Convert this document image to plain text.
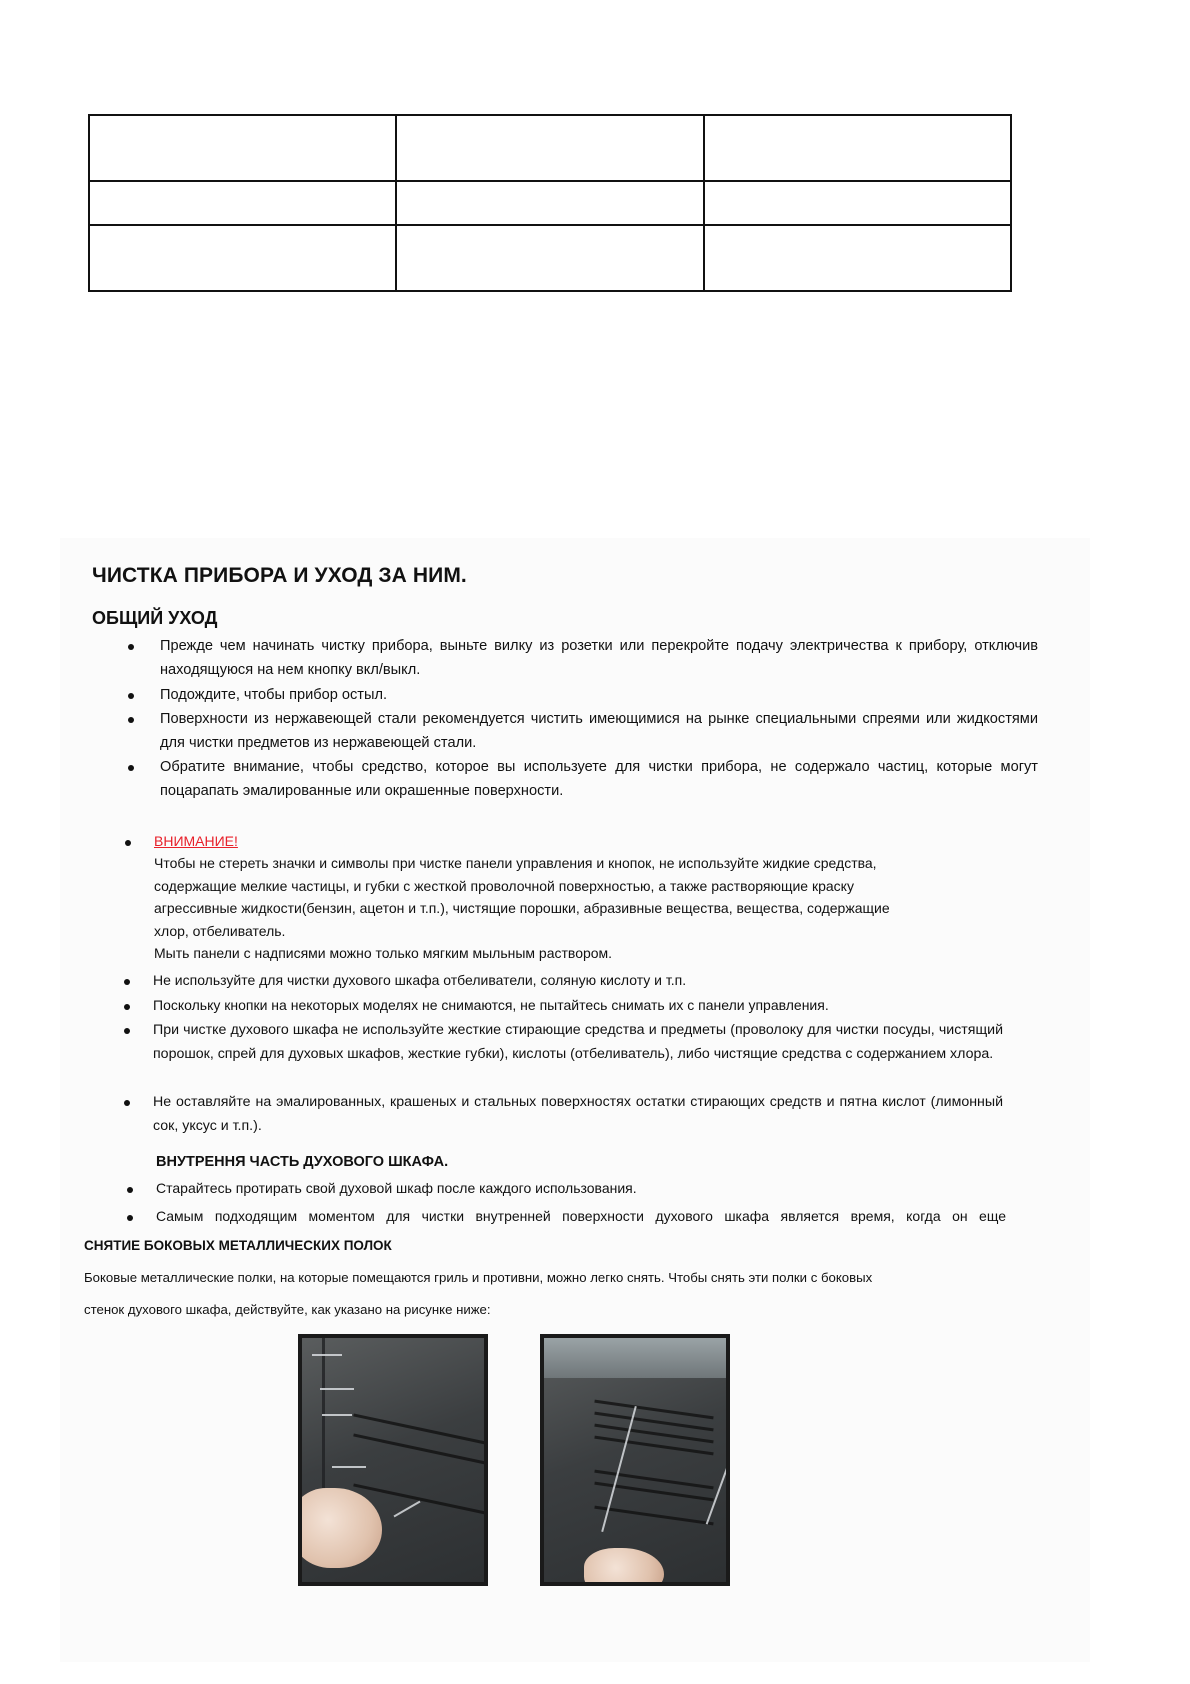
ЧИСТКА ПРИБОРА И УХОД ЗА НИМ.
ОБЩИЙ УХОД
Прежде чем начинать чистку прибора, выньте вилку из розетки или перекройте подачу электричества к прибору, отключив находящуюся на нем кнопку вкл/выкл.
Подождите, чтобы прибор остыл.
Поверхности из нержавеющей стали рекомендуется чистить имеющимися на рынке специальными спреями или жидкостями для чистки предметов из нержавеющей стали.
Обратите внимание, чтобы средство, которое вы используете для чистки прибора, не содержало частиц, которые могут поцарапать эмалированные или окрашенные поверхности.
ВНИМАНИЕ!
Чтобы не стереть значки и символы при чистке панели управления и кнопок, не используйте жидкие средства,
содержащие мелкие частицы, и губки с жесткой проволочной поверхностью, а также растворяющие краску
агрессивные жидкости(бензин, ацетон и т.п.), чистящие порошки, абразивные вещества, вещества, содержащие
хлор, отбеливатель.
Мыть панели с надписями можно только мягким мыльным раствором.
Не используйте для чистки духового шкафа отбеливатели, соляную кислоту и т.п.
Поскольку кнопки на некоторых моделях не снимаются, не пытайтесь снимать их с панели управления.
При чистке духового шкафа не используйте жесткие стирающие средства и предметы (проволоку для чистки посуды, чистящий порошок, спрей для духовых шкафов, жесткие губки), кислоты (отбеливатель), либо чистящие средства с содержанием хлора.
Не оставляйте на эмалированных, крашеных и стальных поверхностях остатки стирающих средств и пятна кислот (лимонный сок, уксус и т.п.).
ВНУТРЕННЯ ЧАСТЬ ДУХОВОГО ШКАФА.
Старайтесь протирать свой духовой шкаф после каждого использования.
Самым подходящим моментом для чистки внутренней поверхности духового шкафа является время, когда он еще
СНЯТИЕ БОКОВЫХ МЕТАЛЛИЧЕСКИХ ПОЛОК
Боковые металлические полки, на которые помещаются гриль и противни, можно легко снять. Чтобы снять эти полки с боковых
стенок духового шкафа, действуйте, как указано на рисунке ниже:
